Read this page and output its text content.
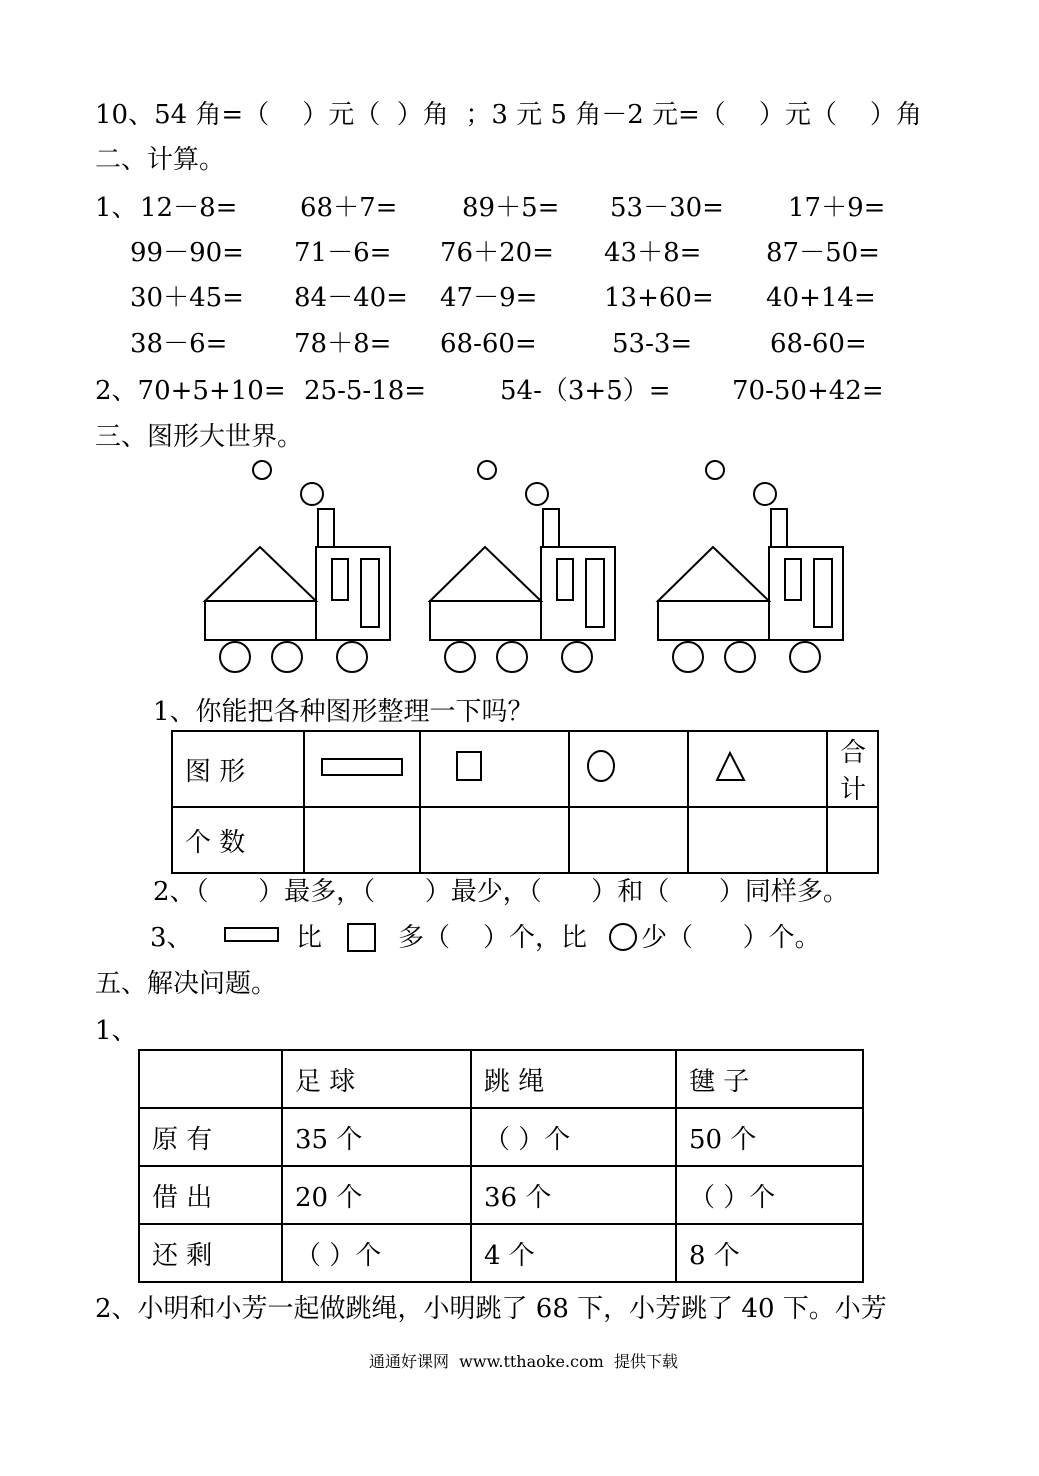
10、54 角=（    ）元（  ）角  ；3 元 5 角－2 元=（    ）元（    ）角
二、计算。
1、 12－8= 68＋7= 89＋5= 53－30= 17＋9=
99－90= 71－6= 76＋20= 43＋8= 87－50=
30＋45= 84－40= 47－9=	13+60= 40+14=
38－6=	78＋8= 68-60=	53-3=	68-60=
2、70+5+10= 25-5-18=	54-（3+5）= 70-50+42=
三、图形大世界。
1、你能把各种图形整理一下吗？
图 形					合 计
个 数					
2、（      ）最多，（      ）最少，（      ）和（      ）同样多。
3、	比	多（    ）个，比 少（      ）个。
五、解决问题。
1、
	足 球	跳 绳	毽 子
原 有	35 个	（ ）个	50 个
借 出	20 个	36 个	（ ）个
还 剩	（ ）个	4 个	8 个
2、小明和小芳一起做跳绳，小明跳了 68 下，小芳跳了 40 下。小芳
通通好课网  www.tthaoke.com  提供下载
